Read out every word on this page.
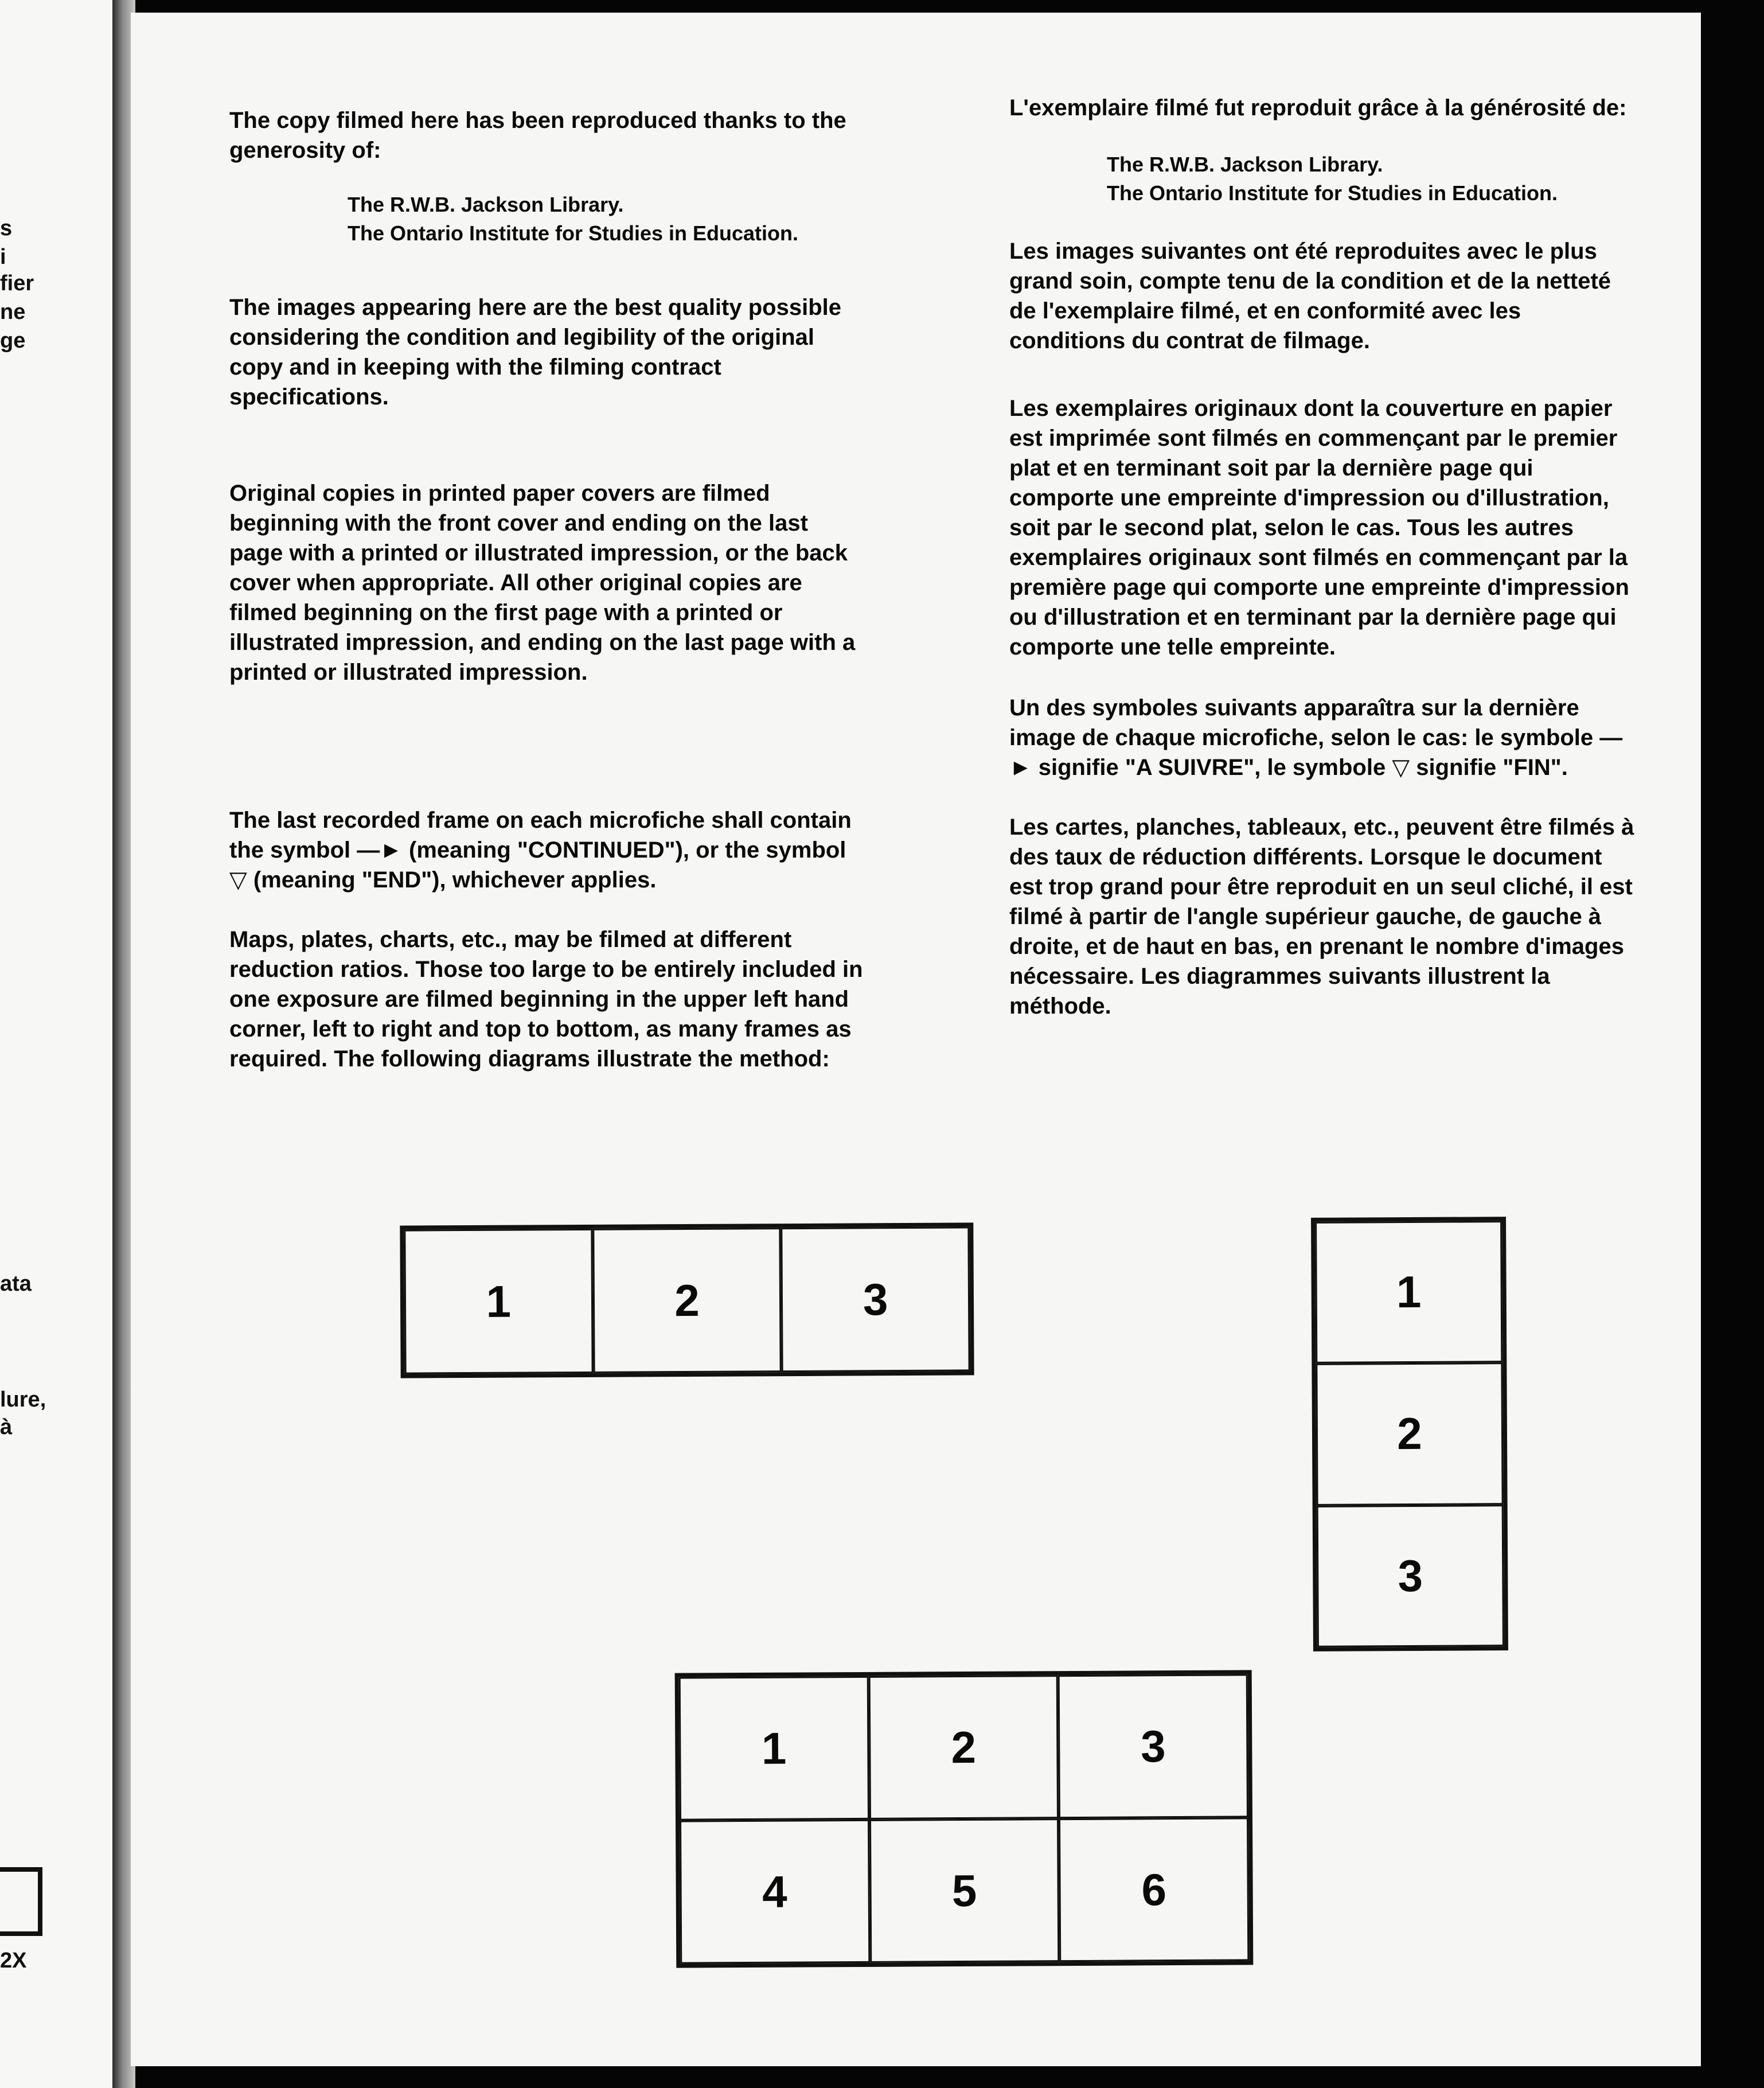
s
i
fier
ne
ge
ata
lure,
à
2X

The copy filmed here has been reproduced thanks to the generosity of:

The R.W.B. Jackson Library.
The Ontario Institute for Studies in Education.

The images appearing here are the best quality possible considering the condition and legibility of the original copy and in keeping with the filming contract specifications.

Original copies in printed paper covers are filmed beginning with the front cover and ending on the last page with a printed or illustrated impression, or the back cover when appropriate. All other original copies are filmed beginning on the first page with a printed or illustrated impression, and ending on the last page with a printed or illustrated impression.

The last recorded frame on each microfiche shall contain the symbol —► (meaning "CONTINUED"), or the symbol ▽ (meaning "END"), whichever applies.

Maps, plates, charts, etc., may be filmed at different reduction ratios. Those too large to be entirely included in one exposure are filmed beginning in the upper left hand corner, left to right and top to bottom, as many frames as required. The following diagrams illustrate the method:

L'exemplaire filmé fut reproduit grâce à la générosité de:

The R.W.B. Jackson Library.
The Ontario Institute for Studies in Education.

Les images suivantes ont été reproduites avec le plus grand soin, compte tenu de la condition et de la netteté de l'exemplaire filmé, et en conformité avec les conditions du contrat de filmage.

Les exemplaires originaux dont la couverture en papier est imprimée sont filmés en commençant par le premier plat et en terminant soit par la dernière page qui comporte une empreinte d'impression ou d'illustration, soit par le second plat, selon le cas. Tous les autres exemplaires originaux sont filmés en commençant par la première page qui comporte une empreinte d'impression ou d'illustration et en terminant par la dernière page qui comporte une telle empreinte.

Un des symboles suivants apparaîtra sur la dernière image de chaque microfiche, selon le cas: le symbole —► signifie "A SUIVRE", le symbole ▽ signifie "FIN".

Les cartes, planches, tableaux, etc., peuvent être filmés à des taux de réduction différents. Lorsque le document est trop grand pour être reproduit en un seul cliché, il est filmé à partir de l'angle supérieur gauche, de gauche à droite, et de haut en bas, en prenant le nombre d'images nécessaire. Les diagrammes suivants illustrent la méthode.

1	2	3	1
2
3
1	2	3
4	5	6
